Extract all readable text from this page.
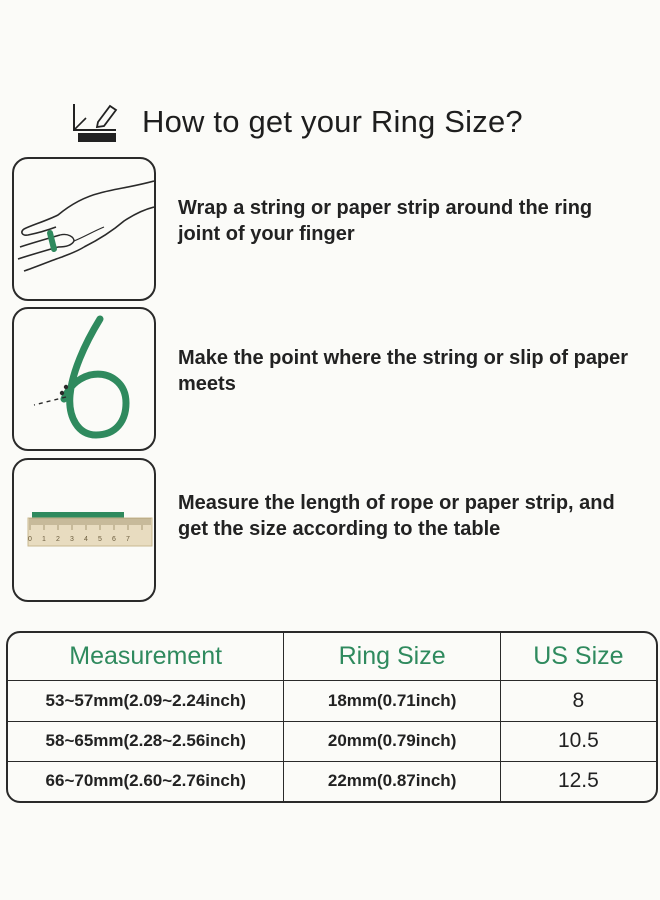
How to get your Ring Size?
Wrap a string or paper strip around the ring joint of your finger
Make the point where the string or slip of paper meets
0 1 2 3 4 5 6 7
Measure the length of rope or paper strip, and get the size according to the table
Measurement	Ring Size	US Size
53~57mm(2.09~2.24inch)	18mm(0.71inch)	8
58~65mm(2.28~2.56inch)	20mm(0.79inch)	10.5
66~70mm(2.60~2.76inch)	22mm(0.87inch)	12.5
